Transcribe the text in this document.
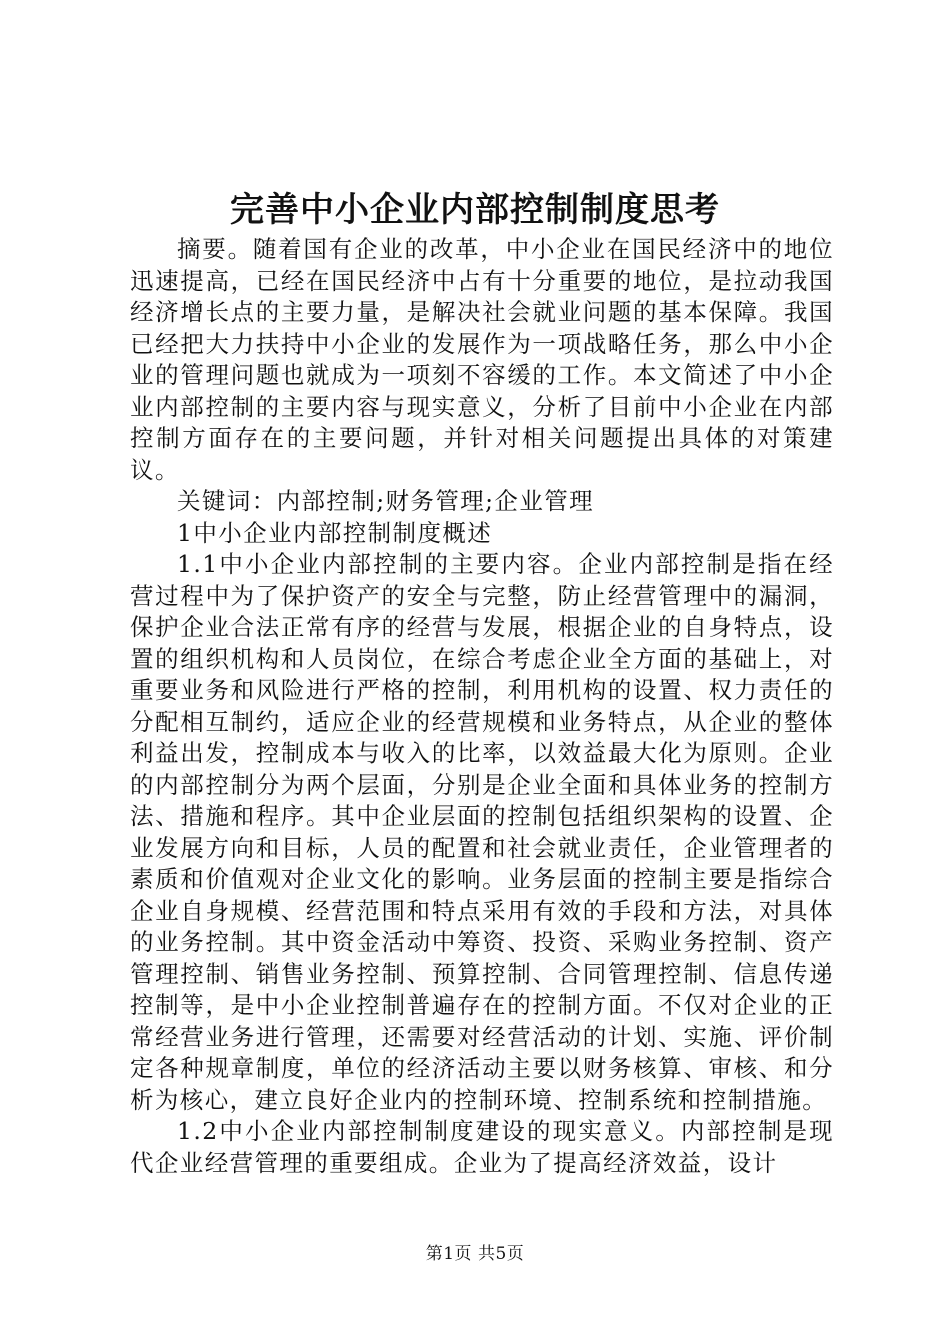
完善中小企业内部控制制度思考

摘要。随着国有企业的改革，中小企业在国民经济中的地位迅速提高，已经在国民经济中占有十分重要的地位，是拉动我国经济增长点的主要力量，是解决社会就业问题的基本保障。我国已经把大力扶持中小企业的发展作为一项战略任务，那么中小企业的管理问题也就成为一项刻不容缓的工作。本文简述了中小企业内部控制的主要内容与现实意义，分析了目前中小企业在内部控制方面存在的主要问题，并针对相关问题提出具体的对策建议。

关键词：内部控制;财务管理;企业管理

1中小企业内部控制制度概述

1.1中小企业内部控制的主要内容。企业内部控制是指在经营过程中为了保护资产的安全与完整，防止经营管理中的漏洞，保护企业合法正常有序的经营与发展，根据企业的自身特点，设置的组织机构和人员岗位，在综合考虑企业全方面的基础上，对重要业务和风险进行严格的控制，利用机构的设置、权力责任的分配相互制约，适应企业的经营规模和业务特点，从企业的整体利益出发，控制成本与收入的比率，以效益最大化为原则。企业的内部控制分为两个层面，分别是企业全面和具体业务的控制方法、措施和程序。其中企业层面的控制包括组织架构的设置、企业发展方向和目标，人员的配置和社会就业责任，企业管理者的素质和价值观对企业文化的影响。业务层面的控制主要是指综合企业自身规模、经营范围和特点采用有效的手段和方法，对具体的业务控制。其中资金活动中筹资、投资、采购业务控制、资产管理控制、销售业务控制、预算控制、合同管理控制、信息传递控制等，是中小企业控制普遍存在的控制方面。不仅对企业的正常经营业务进行管理，还需要对经营活动的计划、实施、评价制定各种规章制度，单位的经济活动主要以财务核算、审核、和分析为核心，建立良好企业内的控制环境、控制系统和控制措施。

1.2中小企业内部控制制度建设的现实意义。内部控制是现代企业经营管理的重要组成。企业为了提高经济效益，设计

第1页 共5页
